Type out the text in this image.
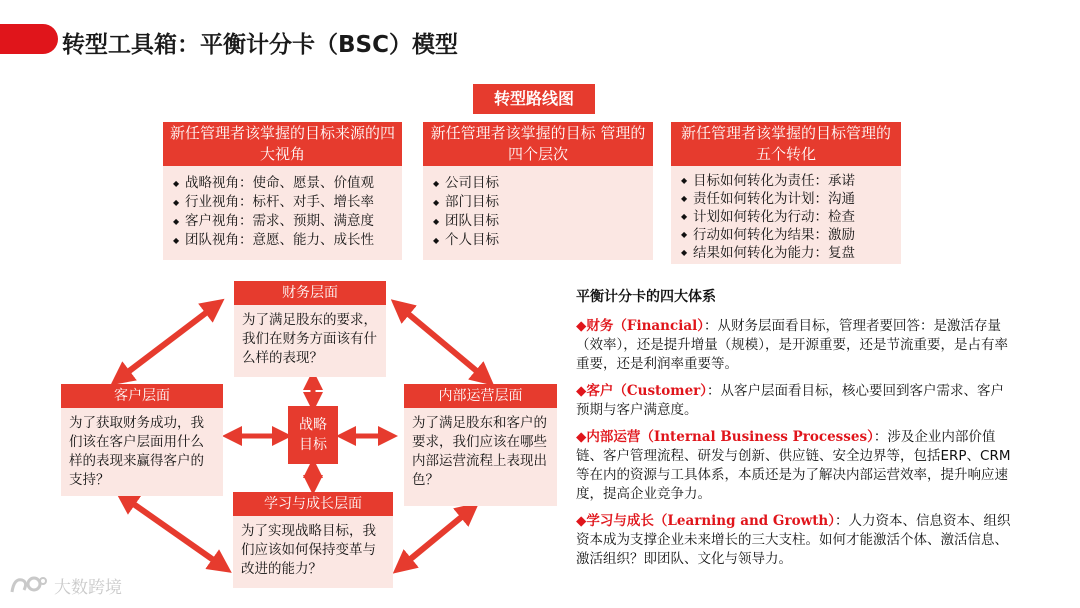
转型工具箱：平衡计分卡（BSC）模型
转型路线图
新任管理者该掌握的目标来源的四大视角
◆ 战略视角：使命、愿景、价值观
◆ 行业视角：标杆、对手、增长率
◆ 客户视角：需求、预期、满意度
◆ 团队视角：意愿、能力、成长性
新任管理者该掌握的目标 管理的四个层次
◆ 公司目标
◆ 部门目标
◆ 团队目标
◆ 个人目标
新任管理者该掌握的目标管理的五个转化
◆ 目标如何转化为责任：承诺
◆ 责任如何转化为计划：沟通
◆ 计划如何转化为行动：检查
◆ 行动如何转化为结果：激励
◆ 结果如何转化为能力：复盘
财务层面
为了满足股东的要求，我们在财务方面该有什么样的表现？
客户层面
为了获取财务成功，我们该在客户层面用什么样的表现来赢得客户的支持？
内部运营层面
为了满足股东和客户的要求，我们应该在哪些内部运营流程上表现出色？
学习与成长层面
为了实现战略目标，我们应该如何保持变革与改进的能力？
战略
目标
平衡计分卡的四大体系
◆财务（Financial）：从财务层面看目标，管理者要回答：是激活存量（效率），还是提升增量（规模），是开源重要，还是节流重要，是占有率重要，还是利润率重要等。
◆客户（Customer）：从客户层面看目标，核心要回到客户需求、客户预期与客户满意度。
◆内部运营（Internal Business Processes）：涉及企业内部价值链、客户管理流程、研发与创新、供应链、安全边界等，包括ERP、CRM等在内的资源与工具体系，本质还是为了解决内部运营效率，提升响应速度，提高企业竞争力。
◆学习与成长（Learning and Growth）：人力资本、信息资本、组织资本成为支撑企业未来增长的三大支柱。如何才能激活个体、激活信息、激活组织？即团队、文化与领导力。
大数跨境
